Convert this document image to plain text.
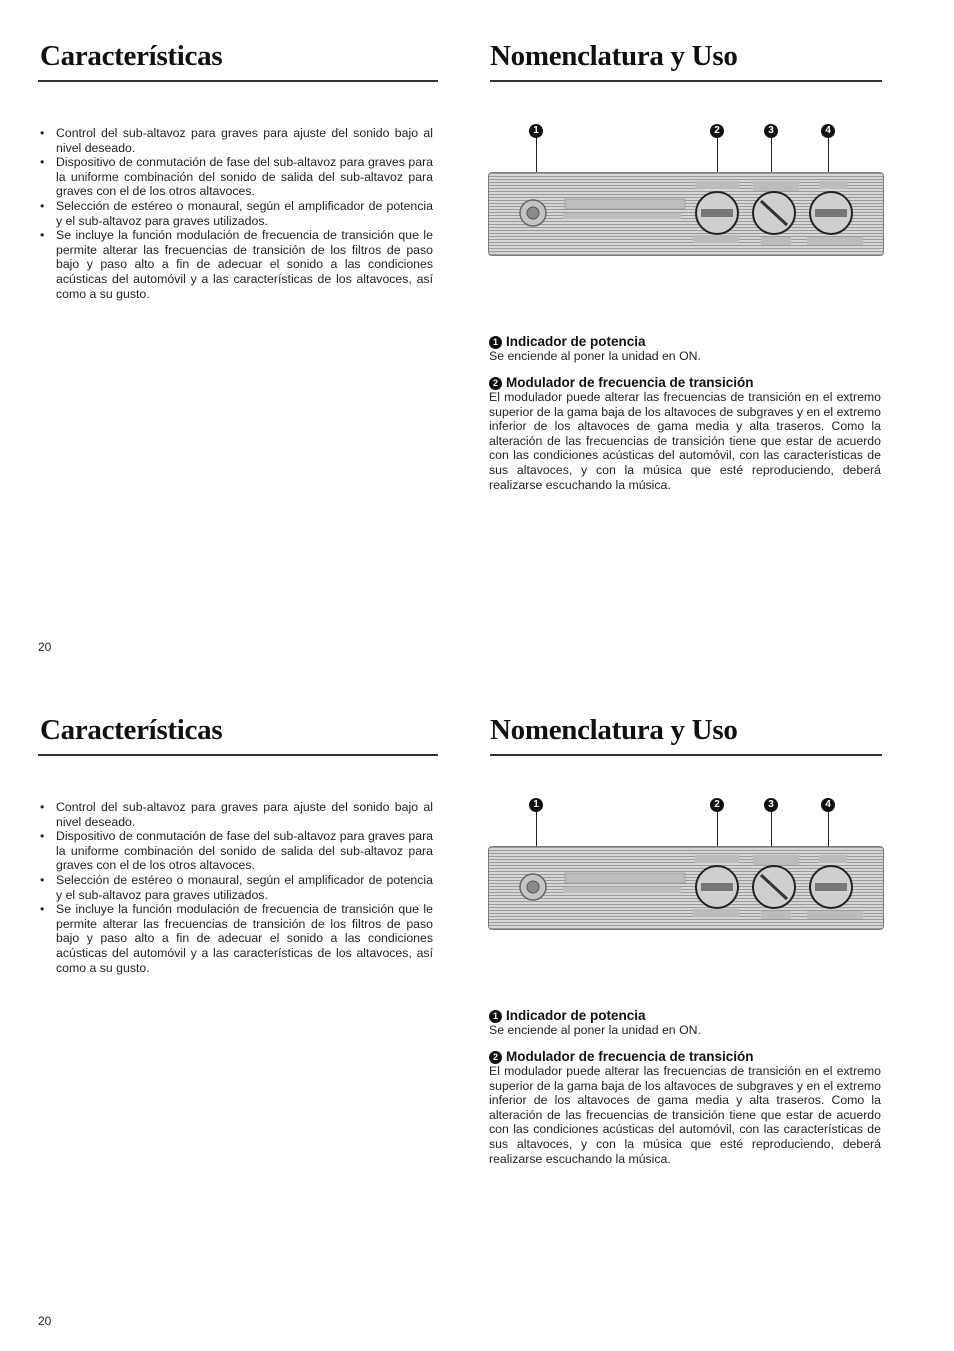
Características	Nomenclatura y Uso
• Control del sub-altavoz para graves para ajuste del sonido bajo al nivel deseado.
• Dispositivo de conmutación de fase del sub-altavoz para graves para la uniforme combinación del sonido de salida del sub-altavoz para graves con el de los otros altavoces.
• Selección de estéreo o monaural, según el amplificador de potencia y el sub-altavoz para graves utilizados.
• Se incluye la función modulación de frecuencia de transición que le permite alterar las frecuencias de transición de los filtros de paso bajo y paso alto a fin de adecuar el sonido a las condiciones acústicas del automóvil y a las características de los altavoces, así como a su gusto.
1	2	3	4
1 Indicador de potencia

Se enciende al poner la unidad en ON.

2 Modulador de frecuencia de transición

El modulador puede alterar las frecuencias de transición en el extremo superior de la gama baja de los altavoces de subgraves y en el extremo inferior de los altavoces de gama media y alta traseros. Como la alteración de las frecuencias de transición tiene que estar de acuerdo con las condiciones acústicas del automóvil, con las características de sus altavoces, y con la música que esté reproduciendo, deberá realizarse escuchando la música.

20
Características	Nomenclatura y Uso
• Control del sub-altavoz para graves para ajuste del sonido bajo al nivel deseado.
• Dispositivo de conmutación de fase del sub-altavoz para graves para la uniforme combinación del sonido de salida del sub-altavoz para graves con el de los otros altavoces.
• Selección de estéreo o monaural, según el amplificador de potencia y el sub-altavoz para graves utilizados.
• Se incluye la función modulación de frecuencia de transición que le permite alterar las frecuencias de transición de los filtros de paso bajo y paso alto a fin de adecuar el sonido a las condiciones acústicas del automóvil y a las características de los altavoces, así como a su gusto.
1	2	3	4
1 Indicador de potencia

Se enciende al poner la unidad en ON.

2 Modulador de frecuencia de transición

El modulador puede alterar las frecuencias de transición en el extremo superior de la gama baja de los altavoces de subgraves y en el extremo inferior de los altavoces de gama media y alta traseros. Como la alteración de las frecuencias de transición tiene que estar de acuerdo con las condiciones acústicas del automóvil, con las características de sus altavoces, y con la música que esté reproduciendo, deberá realizarse escuchando la música.

20
